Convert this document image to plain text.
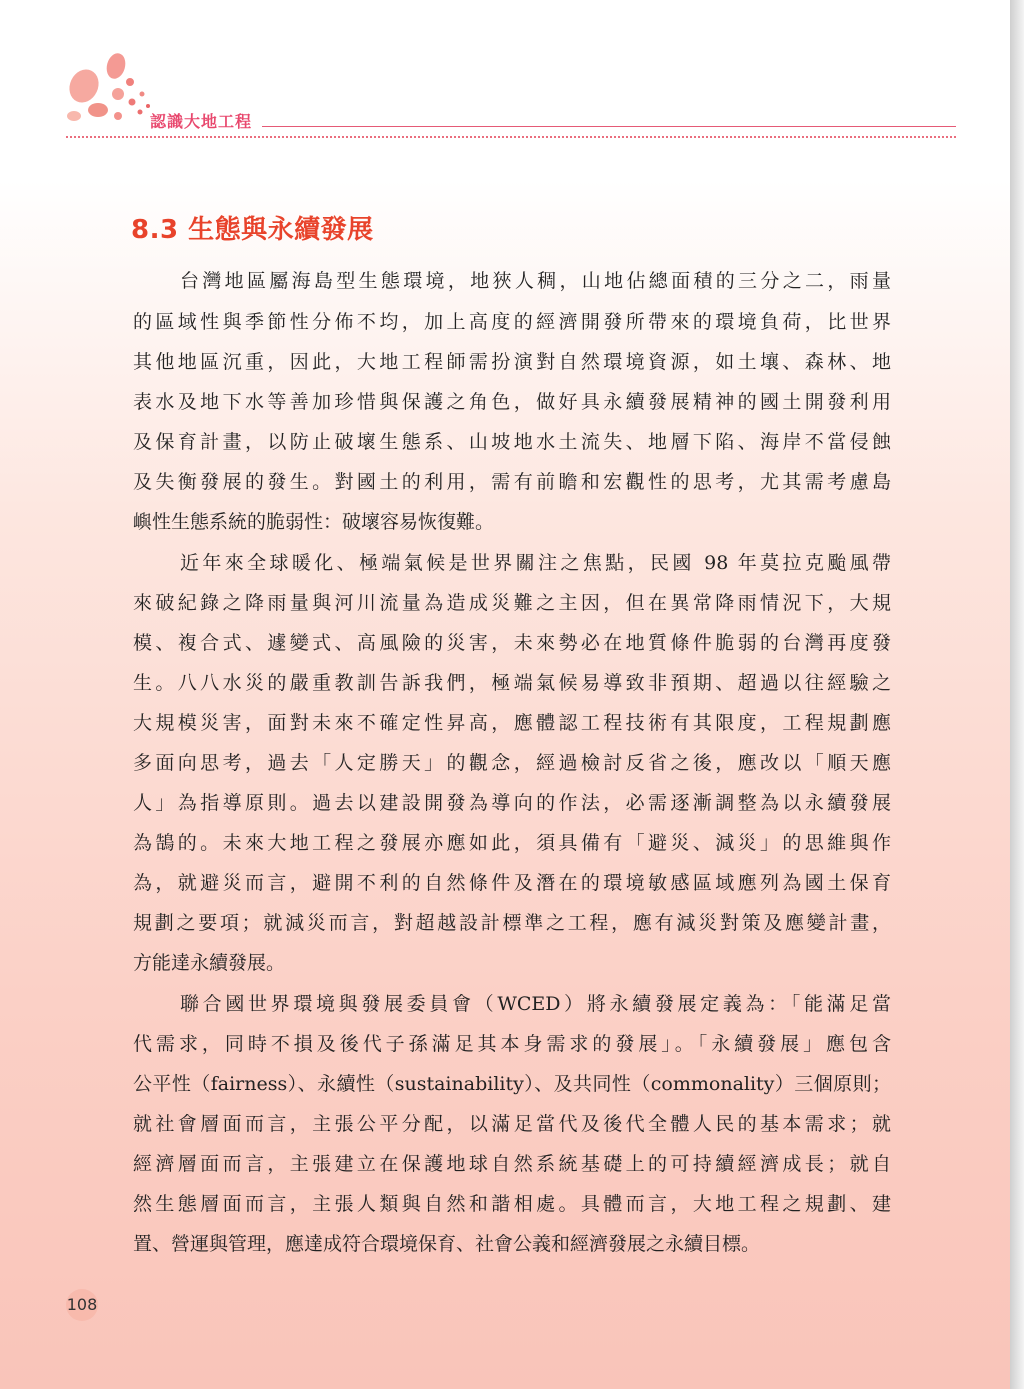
認識大地工程
8.3 生態與永續發展
台灣地區屬海島型生態環境，地狹人稠，山地佔總面積的三分之二，雨量
的區域性與季節性分佈不均，加上高度的經濟開發所帶來的環境負荷，比世界
其他地區沉重，因此，大地工程師需扮演對自然環境資源，如土壤、森林、地
表水及地下水等善加珍惜與保護之角色，做好具永續發展精神的國土開發利用
及保育計畫，以防止破壞生態系、山坡地水土流失、地層下陷、海岸不當侵蝕
及失衡發展的發生。對國土的利用，需有前瞻和宏觀性的思考，尤其需考慮島
嶼性生態系統的脆弱性：破壞容易恢復難。
近年來全球暖化、極端氣候是世界關注之焦點，民國 98 年莫拉克颱風帶
來破紀錄之降雨量與河川流量為造成災難之主因，但在異常降雨情況下，大規
模、複合式、遽變式、高風險的災害，未來勢必在地質條件脆弱的台灣再度發
生。八八水災的嚴重教訓告訴我們，極端氣候易導致非預期、超過以往經驗之
大規模災害，面對未來不確定性昇高，應體認工程技術有其限度，工程規劃應
多面向思考，過去「人定勝天」的觀念，經過檢討反省之後，應改以「順天應
人」為指導原則。過去以建設開發為導向的作法，必需逐漸調整為以永續發展
為鵠的。未來大地工程之發展亦應如此，須具備有「避災、減災」的思維與作
為，就避災而言，避開不利的自然條件及潛在的環境敏感區域應列為國土保育
規劃之要項；就減災而言，對超越設計標準之工程，應有減災對策及應變計畫，
方能達永續發展。
聯合國世界環境與發展委員會（WCED）將永續發展定義為：「能滿足當
代需求，同時不損及後代子孫滿足其本身需求的發展」。「永續發展」應包含
公平性（fairness）、永續性（sustainability）、及共同性（commonality）三個原則；
就社會層面而言，主張公平分配，以滿足當代及後代全體人民的基本需求；就
經濟層面而言，主張建立在保護地球自然系統基礎上的可持續經濟成長；就自
然生態層面而言，主張人類與自然和諧相處。具體而言，大地工程之規劃、建
置、營運與管理，應達成符合環境保育、社會公義和經濟發展之永續目標。
108
